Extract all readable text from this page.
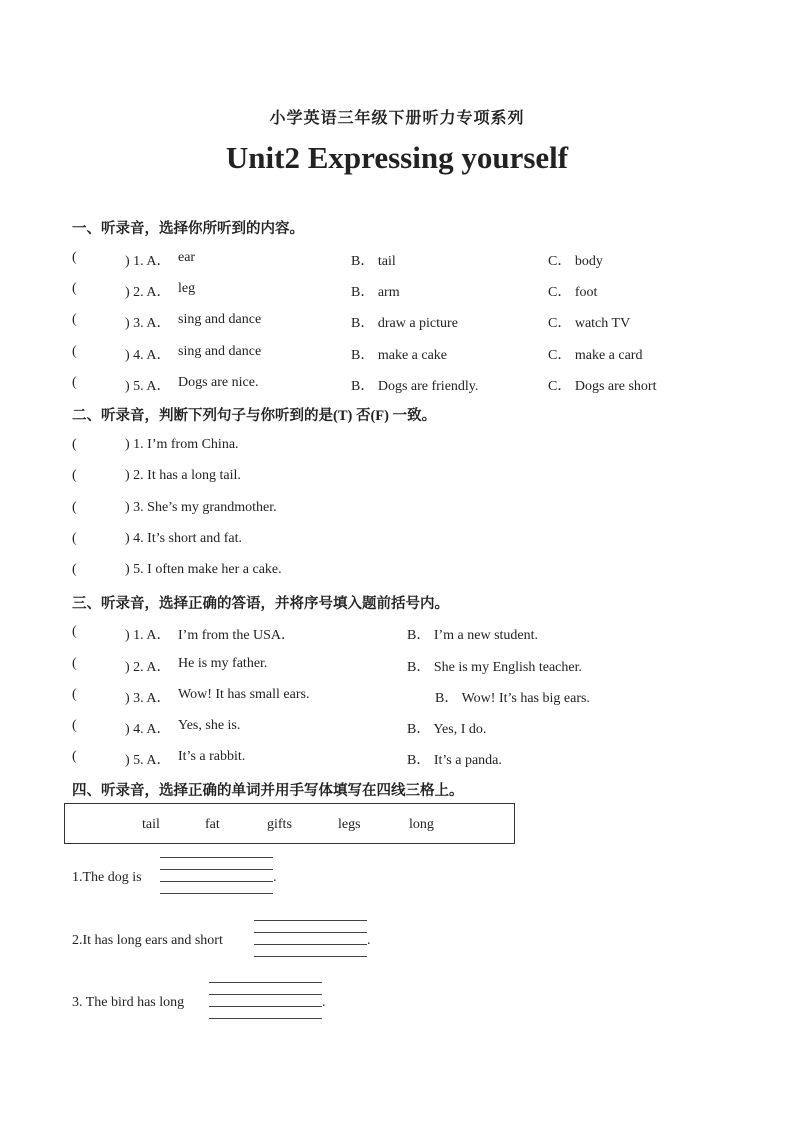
小学英语三年级下册听力专项系列
Unit2 Expressing yourself
一、听录音，选择你所听到的内容。
(	) 1. A． ear	B． tail	C． body
(	) 2. A． leg	B． arm	C． foot
(	) 3. A． sing and dance	B． draw a picture	C． watch TV
(	) 4. A． sing and dance	B． make a cake	C． make a card
(	) 5. A． Dogs are nice.	B． Dogs are friendly.	C． Dogs are short
二、听录音，判断下列句子与你听到的是(T) 否(F) 一致。
(	) 1. I’m from China.
(	) 2. It has a long tail.
(	) 3. She’s my grandmother.
(	) 4. It’s short and fat.
(	) 5. I often make her a cake.
三、听录音，选择正确的答语，并将序号填入题前括号内。
(	) 1. A． I’m from the USA．	B． I’m a new student.
(	) 2. A． He is my father.	B． She is my English teacher.
(	) 3. A． Wow! It has small ears.	B． Wow! It’s has big ears.
(	) 4. A． Yes, she is.	B． Yes, I do.
(	) 5. A． It’s a rabbit.	B． It’s a panda.
四、听录音，选择正确的单词并用手写体填写在四线三格上。
tail	fat	gifts	legs	long
1.The dog is	.
2.It has long ears and short	.
3. The bird has long	.
